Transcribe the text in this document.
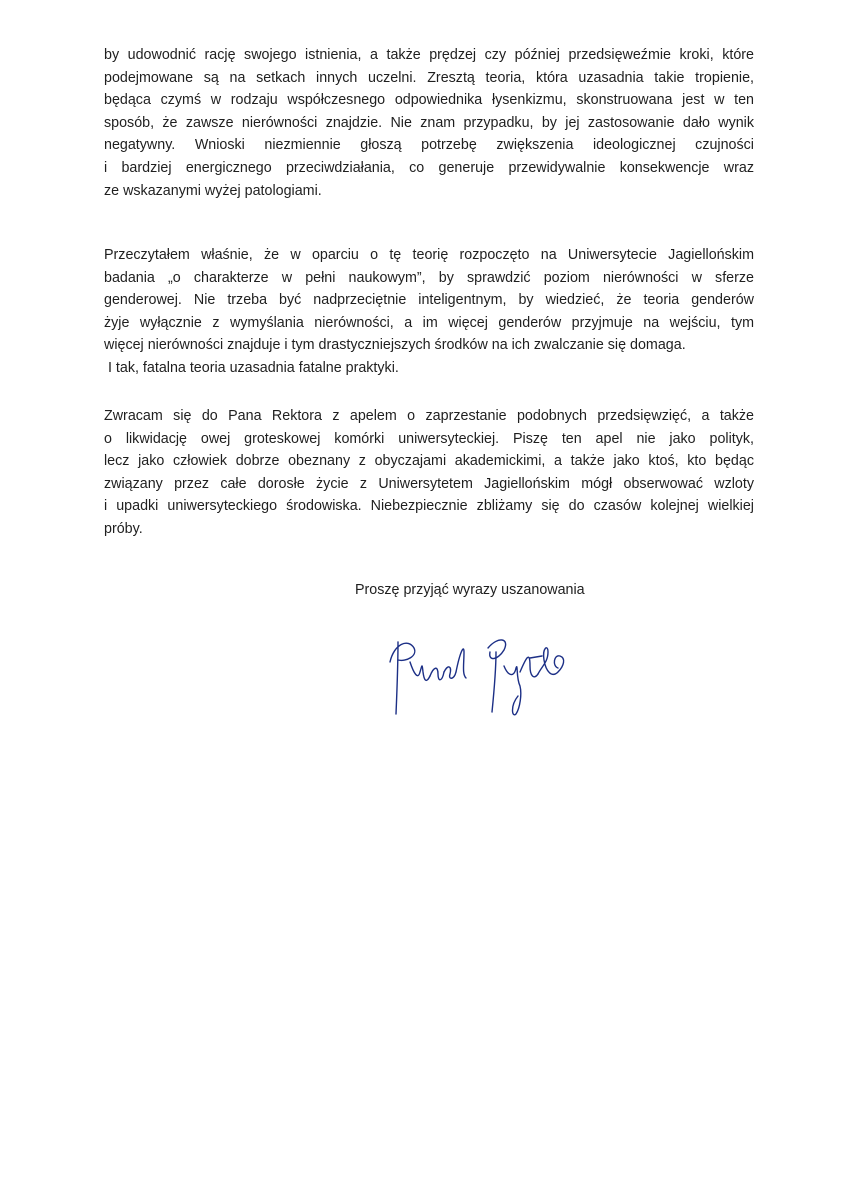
by udowodnić rację swojego istnienia, a także prędzej czy później przedsięweźmie kroki, które
podejmowane są na setkach innych uczelni. Zresztą teoria, która uzasadnia takie tropienie,
będąca czymś w rodzaju współczesnego odpowiednika łysenkizmu, skonstruowana jest w ten
sposób, że zawsze nierówności znajdzie. Nie znam przypadku, by jej zastosowanie dało wynik
negatywny. Wnioski niezmiennie głoszą potrzebę zwiększenia ideologicznej czujności
i bardziej energicznego przeciwdziałania, co generuje przewidywalnie konsekwencje wraz
ze wskazanymi wyżej patologiami.
Przeczytałem właśnie, że w oparciu o tę teorię rozpoczęto na Uniwersytecie Jagiellońskim
badania „o charakterze w pełni naukowym”, by sprawdzić poziom nierówności w sferze
genderowej. Nie trzeba być nadprzeciętnie inteligentnym, by wiedzieć, że teoria genderów
żyje wyłącznie z wymyślania nierówności, a im więcej genderów przyjmuje na wejściu, tym
więcej nierówności znajduje i tym drastyczniejszych środków na ich zwalczanie się domaga.
I tak, fatalna teoria uzasadnia fatalne praktyki.
Zwracam się do Pana Rektora z apelem o zaprzestanie podobnych przedsięwzięć, a także
o likwidację owej groteskowej komórki uniwersyteckiej. Piszę ten apel nie jako polityk,
lecz jako człowiek dobrze obeznany z obyczajami akademickimi, a także jako ktoś, kto będąc
związany przez całe dorosłe życie z Uniwersytetem Jagiellońskim mógł obserwować wzloty
i upadki uniwersyteckiego środowiska. Niebezpiecznie zbliżamy się do czasów kolejnej wielkiej
próby.
Proszę przyjąć wyrazy uszanowania
